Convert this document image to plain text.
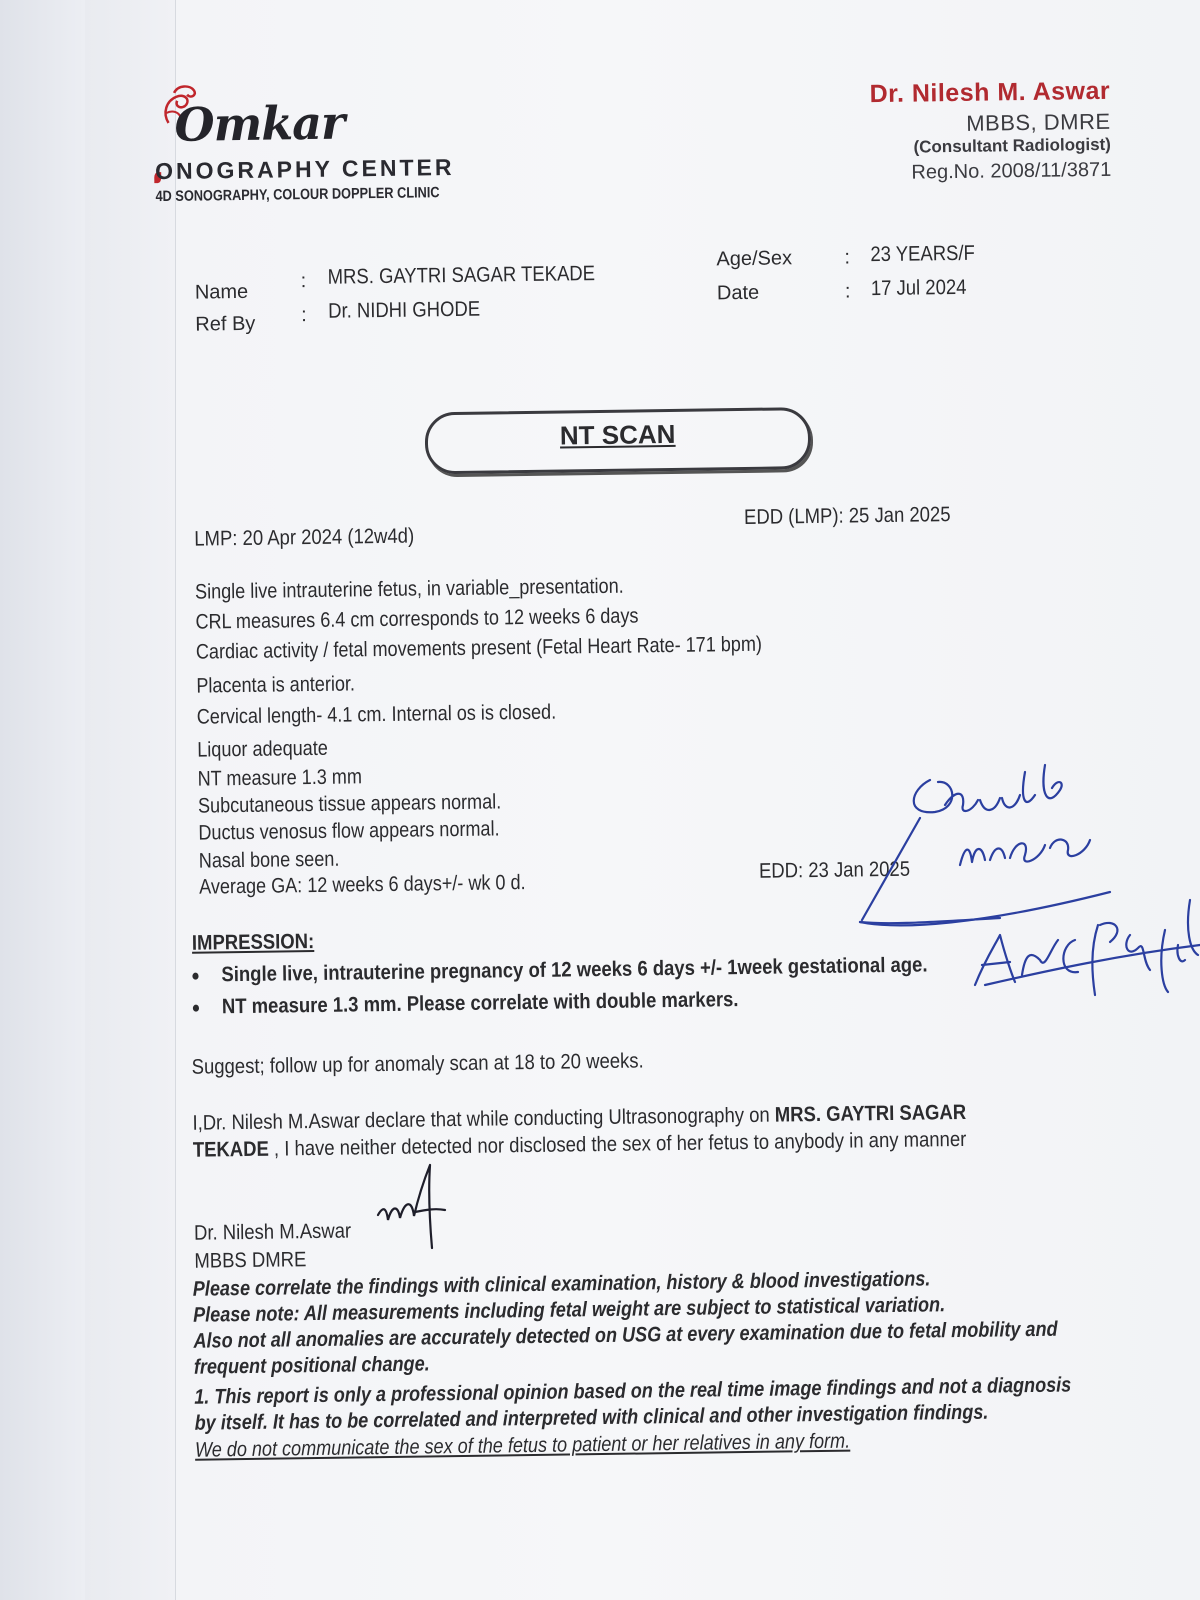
Omkar
ONOGRAPHY CENTER
4D SONOGRAPHY, COLOUR DOPPLER CLINIC
Dr. Nilesh M. Aswar
MBBS, DMRE
(Consultant Radiologist)
Reg.No. 2008/11/3871
Name	: MRS. GAYTRI SAGAR TEKADE
Ref By : Dr. NIDHI GHODE
Age/Sex	: 23 YEARS/F
Date	: 17 Jul 2024
NT SCAN
LMP: 20 Apr 2024 (12w4d)
EDD (LMP): 25 Jan 2025
Single live intrauterine fetus, in variable_presentation.
CRL measures 6.4 cm corresponds to 12 weeks 6 days
Cardiac activity / fetal movements present (Fetal Heart Rate- 171 bpm)
Placenta is anterior.
Cervical length- 4.1 cm. Internal os is closed.
Liquor adequate
NT measure 1.3 mm
Subcutaneous tissue appears normal.
Ductus venosus flow appears normal.
Nasal bone seen.
Average GA: 12 weeks 6 days+/- wk 0 d.
EDD: 23 Jan 2025
IMPRESSION:
Single live, intrauterine pregnancy of 12 weeks 6 days +/- 1week gestational age.
NT measure 1.3 mm. Please correlate with double markers.
Suggest; follow up for anomaly scan at 18 to 20 weeks.
I,Dr. Nilesh M.Aswar declare that while conducting Ultrasonography on MRS. GAYTRI SAGAR
TEKADE , I have neither detected nor disclosed the sex of her fetus to anybody in any manner
Dr. Nilesh M.Aswar
MBBS DMRE
Please correlate the findings with clinical examination, history & blood investigations.
Please note: All measurements including fetal weight are subject to statistical variation.
Also not all anomalies are accurately detected on USG at every examination due to fetal mobility and
frequent positional change.
1. This report is only a professional opinion based on the real time image findings and not a diagnosis
by itself. It has to be correlated and interpreted with clinical and other investigation findings.
We do not communicate the sex of the fetus to patient or her relatives in any form.
